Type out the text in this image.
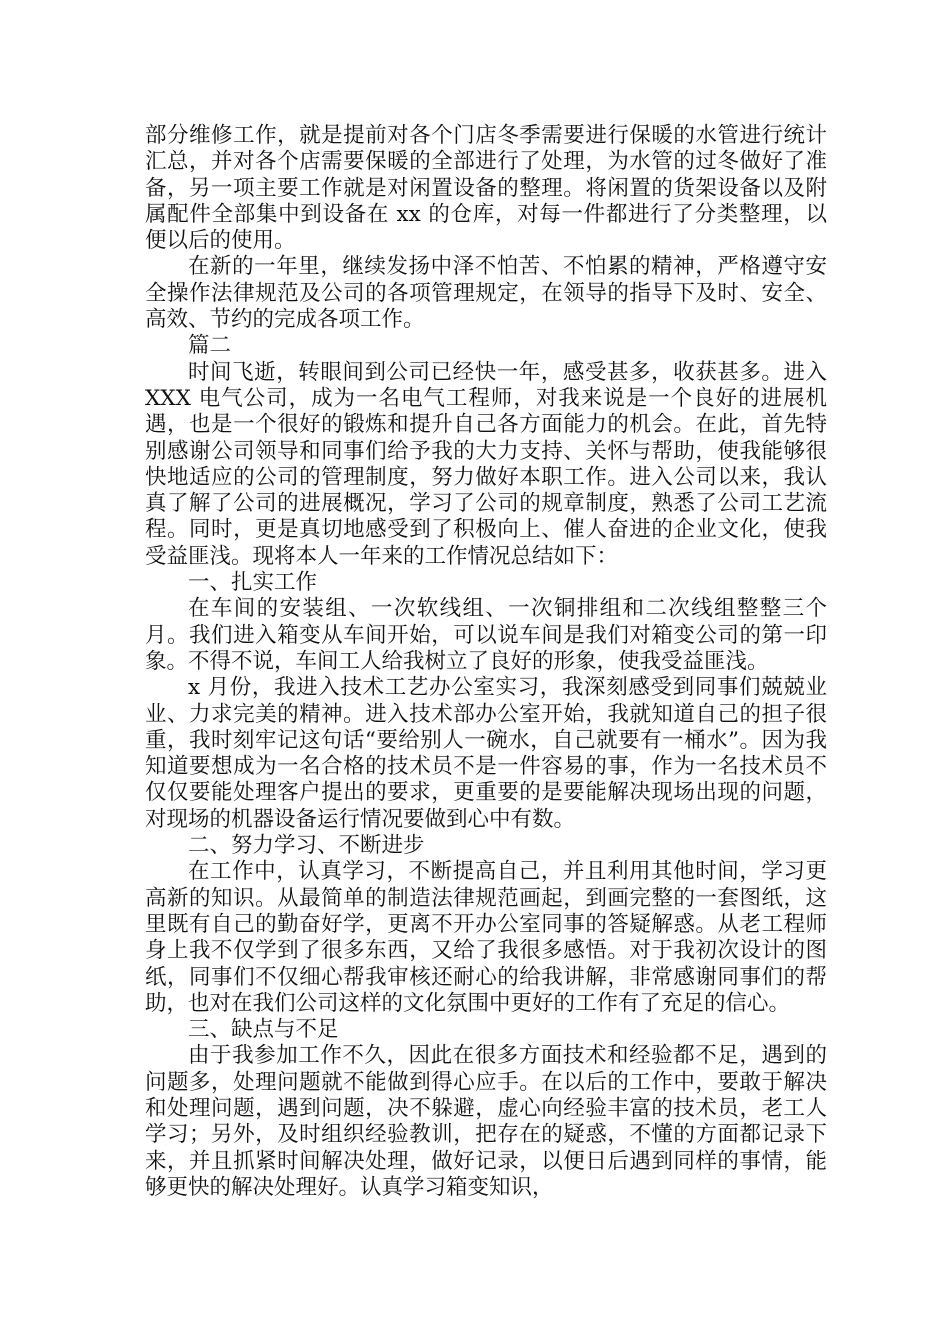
部分维修工作，就是提前对各个门店冬季需要进行保暖的水管进行统计汇总，并对各个店需要保暖的全部进行了处理，为水管的过冬做好了准备，另一项主要工作就是对闲置设备的整理。将闲置的货架设备以及附属配件全部集中到设备在 xx 的仓库，对每一件都进行了分类整理，以便以后的使用。

在新的一年里，继续发扬中泽不怕苦、不怕累的精神，严格遵守安全操作法律规范及公司的各项管理规定，在领导的指导下及时、安全、高效、节约的完成各项工作。

篇二

时间飞逝，转眼间到公司已经快一年，感受甚多，收获甚多。进入 XXX 电气公司，成为一名电气工程师，对我来说是一个良好的进展机遇，也是一个很好的锻炼和提升自己各方面能力的机会。在此，首先特别感谢公司领导和同事们给予我的大力支持、关怀与帮助，使我能够很快地适应的公司的管理制度，努力做好本职工作。进入公司以来，我认真了解了公司的进展概况，学习了公司的规章制度，熟悉了公司工艺流程。同时，更是真切地感受到了积极向上、催人奋进的企业文化，使我受益匪浅。现将本人一年来的工作情况总结如下：

一、扎实工作

在车间的安装组、一次软线组、一次铜排组和二次线组整整三个月。我们进入箱变从车间开始，可以说车间是我们对箱变公司的第一印象。不得不说，车间工人给我树立了良好的形象，使我受益匪浅。

x 月份，我进入技术工艺办公室实习，我深刻感受到同事们兢兢业业、力求完美的精神。进入技术部办公室开始，我就知道自己的担子很重，我时刻牢记这句话“要给别人一碗水，自己就要有一桶水”。因为我知道要想成为一名合格的技术员不是一件容易的事，作为一名技术员不仅仅要能处理客户提出的要求，更重要的是要能解决现场出现的问题，对现场的机器设备运行情况要做到心中有数。

二、努力学习、不断进步

在工作中，认真学习，不断提高自己，并且利用其他时间，学习更高新的知识。从最简单的制造法律规范画起，到画完整的一套图纸，这里既有自己的勤奋好学，更离不开办公室同事的答疑解惑。从老工程师身上我不仅学到了很多东西，又给了我很多感悟。对于我初次设计的图纸，同事们不仅细心帮我审核还耐心的给我讲解，非常感谢同事们的帮助，也对在我们公司这样的文化氛围中更好的工作有了充足的信心。

三、缺点与不足

由于我参加工作不久，因此在很多方面技术和经验都不足，遇到的问题多，处理问题就不能做到得心应手。在以后的工作中，要敢于解决和处理问题，遇到问题，决不躲避，虚心向经验丰富的技术员，老工人学习；另外，及时组织经验教训，把存在的疑惑，不懂的方面都记录下来，并且抓紧时间解决处理，做好记录，以便日后遇到同样的事情，能够更快的解决处理好。认真学习箱变知识，
